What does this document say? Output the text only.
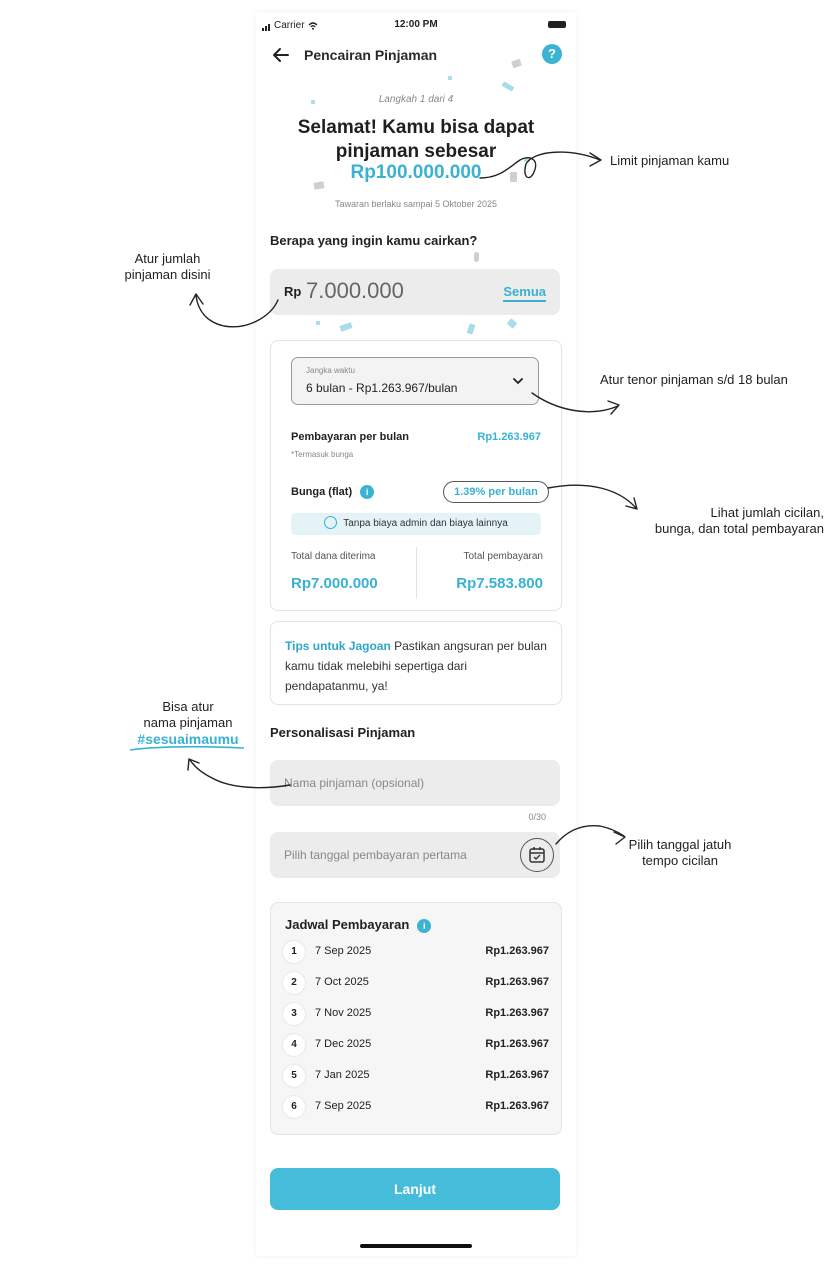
Carrier	12:00 PM
Pencairan Pinjaman	?
Langkah 1 dari 4
Selamat! Kamu bisa dapat
pinjaman sebesar
Rp100.000.000
Tawaran berlaku sampai 5 Oktober 2025
Berapa yang ingin kamu cairkan?
Rp 7.000.000	Semua
Jangka waktu
6 bulan - Rp1.263.967/bulan
Pembayaran per bulan
*Termasuk bunga
Rp1.263.967
Bunga (flat) i	1.39% per bulan
Tanpa biaya admin dan biaya lainnya
Total dana diterima
Rp7.000.000
Total pembayaran
Rp7.583.800
Tips untuk Jagoan Pastikan angsuran per bulan kamu tidak melebihi sepertiga dari pendapatanmu, ya!
Personalisasi Pinjaman
Nama pinjaman (opsional)
0/30
Pilih tanggal pembayaran pertama
Jadwal Pembayaran i
1	7 Sep 2025	Rp1.263.967
2	7 Oct 2025	Rp1.263.967
3	7 Nov 2025	Rp1.263.967
4	7 Dec 2025	Rp1.263.967
5	7 Jan 2025	Rp1.263.967
6	7 Sep 2025	Rp1.263.967
Lanjut
Limit pinjaman kamu
Atur jumlah
pinjaman disini
Atur tenor pinjaman s/d 18 bulan
Lihat jumlah cicilan,
bunga, dan total pembayaran
Bisa atur
nama pinjaman
#sesuaimaumu
Pilih tanggal jatuh
tempo cicilan
